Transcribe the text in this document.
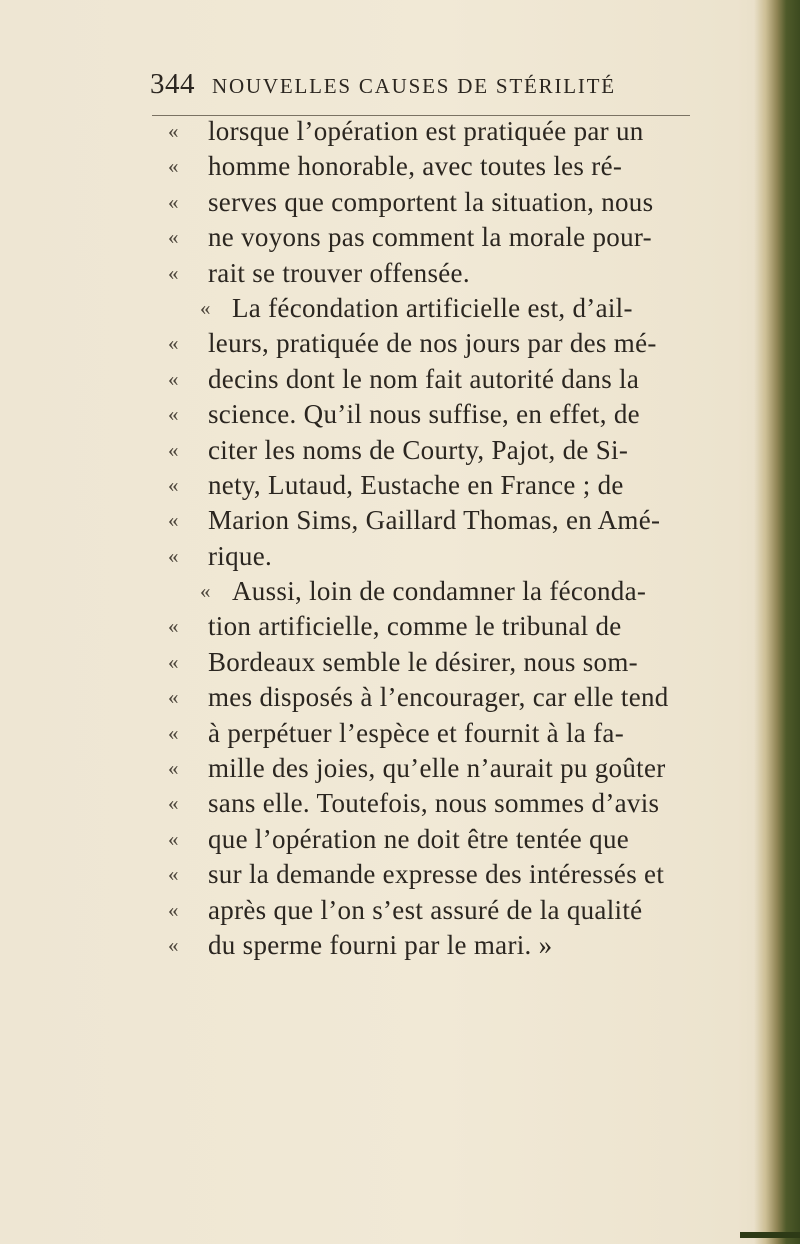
344 NOUVELLES CAUSES DE STÉRILITÉ
«	lorsque l’opération est pratiquée par un
«	homme honorable, avec toutes les ré-
«	serves que comportent la situation, nous
«	ne voyons pas comment la morale pour-
«	rait se trouver offensée.
« La fécondation artificielle est, d’ail-
«	leurs, pratiquée de nos jours par des mé-
«	decins dont le nom fait autorité dans la
«	science. Qu’il nous suffise, en effet, de
«	citer les noms de Courty, Pajot, de Si-
«	nety, Lutaud, Eustache en France ; de
«	Marion Sims, Gaillard Thomas, en Amé-
«	rique.
« Aussi, loin de condamner la féconda-
«	tion artificielle, comme le tribunal de
«	Bordeaux semble le désirer, nous som-
«	mes disposés à l’encourager, car elle tend
«	à perpétuer l’espèce et fournit à la fa-
«	mille des joies, qu’elle n’aurait pu goûter
«	sans elle. Toutefois, nous sommes d’avis
«	que l’opération ne doit être tentée que
«	sur la demande expresse des intéressés et
«	après que l’on s’est assuré de la qualité
«	du sperme fourni par le mari. »
